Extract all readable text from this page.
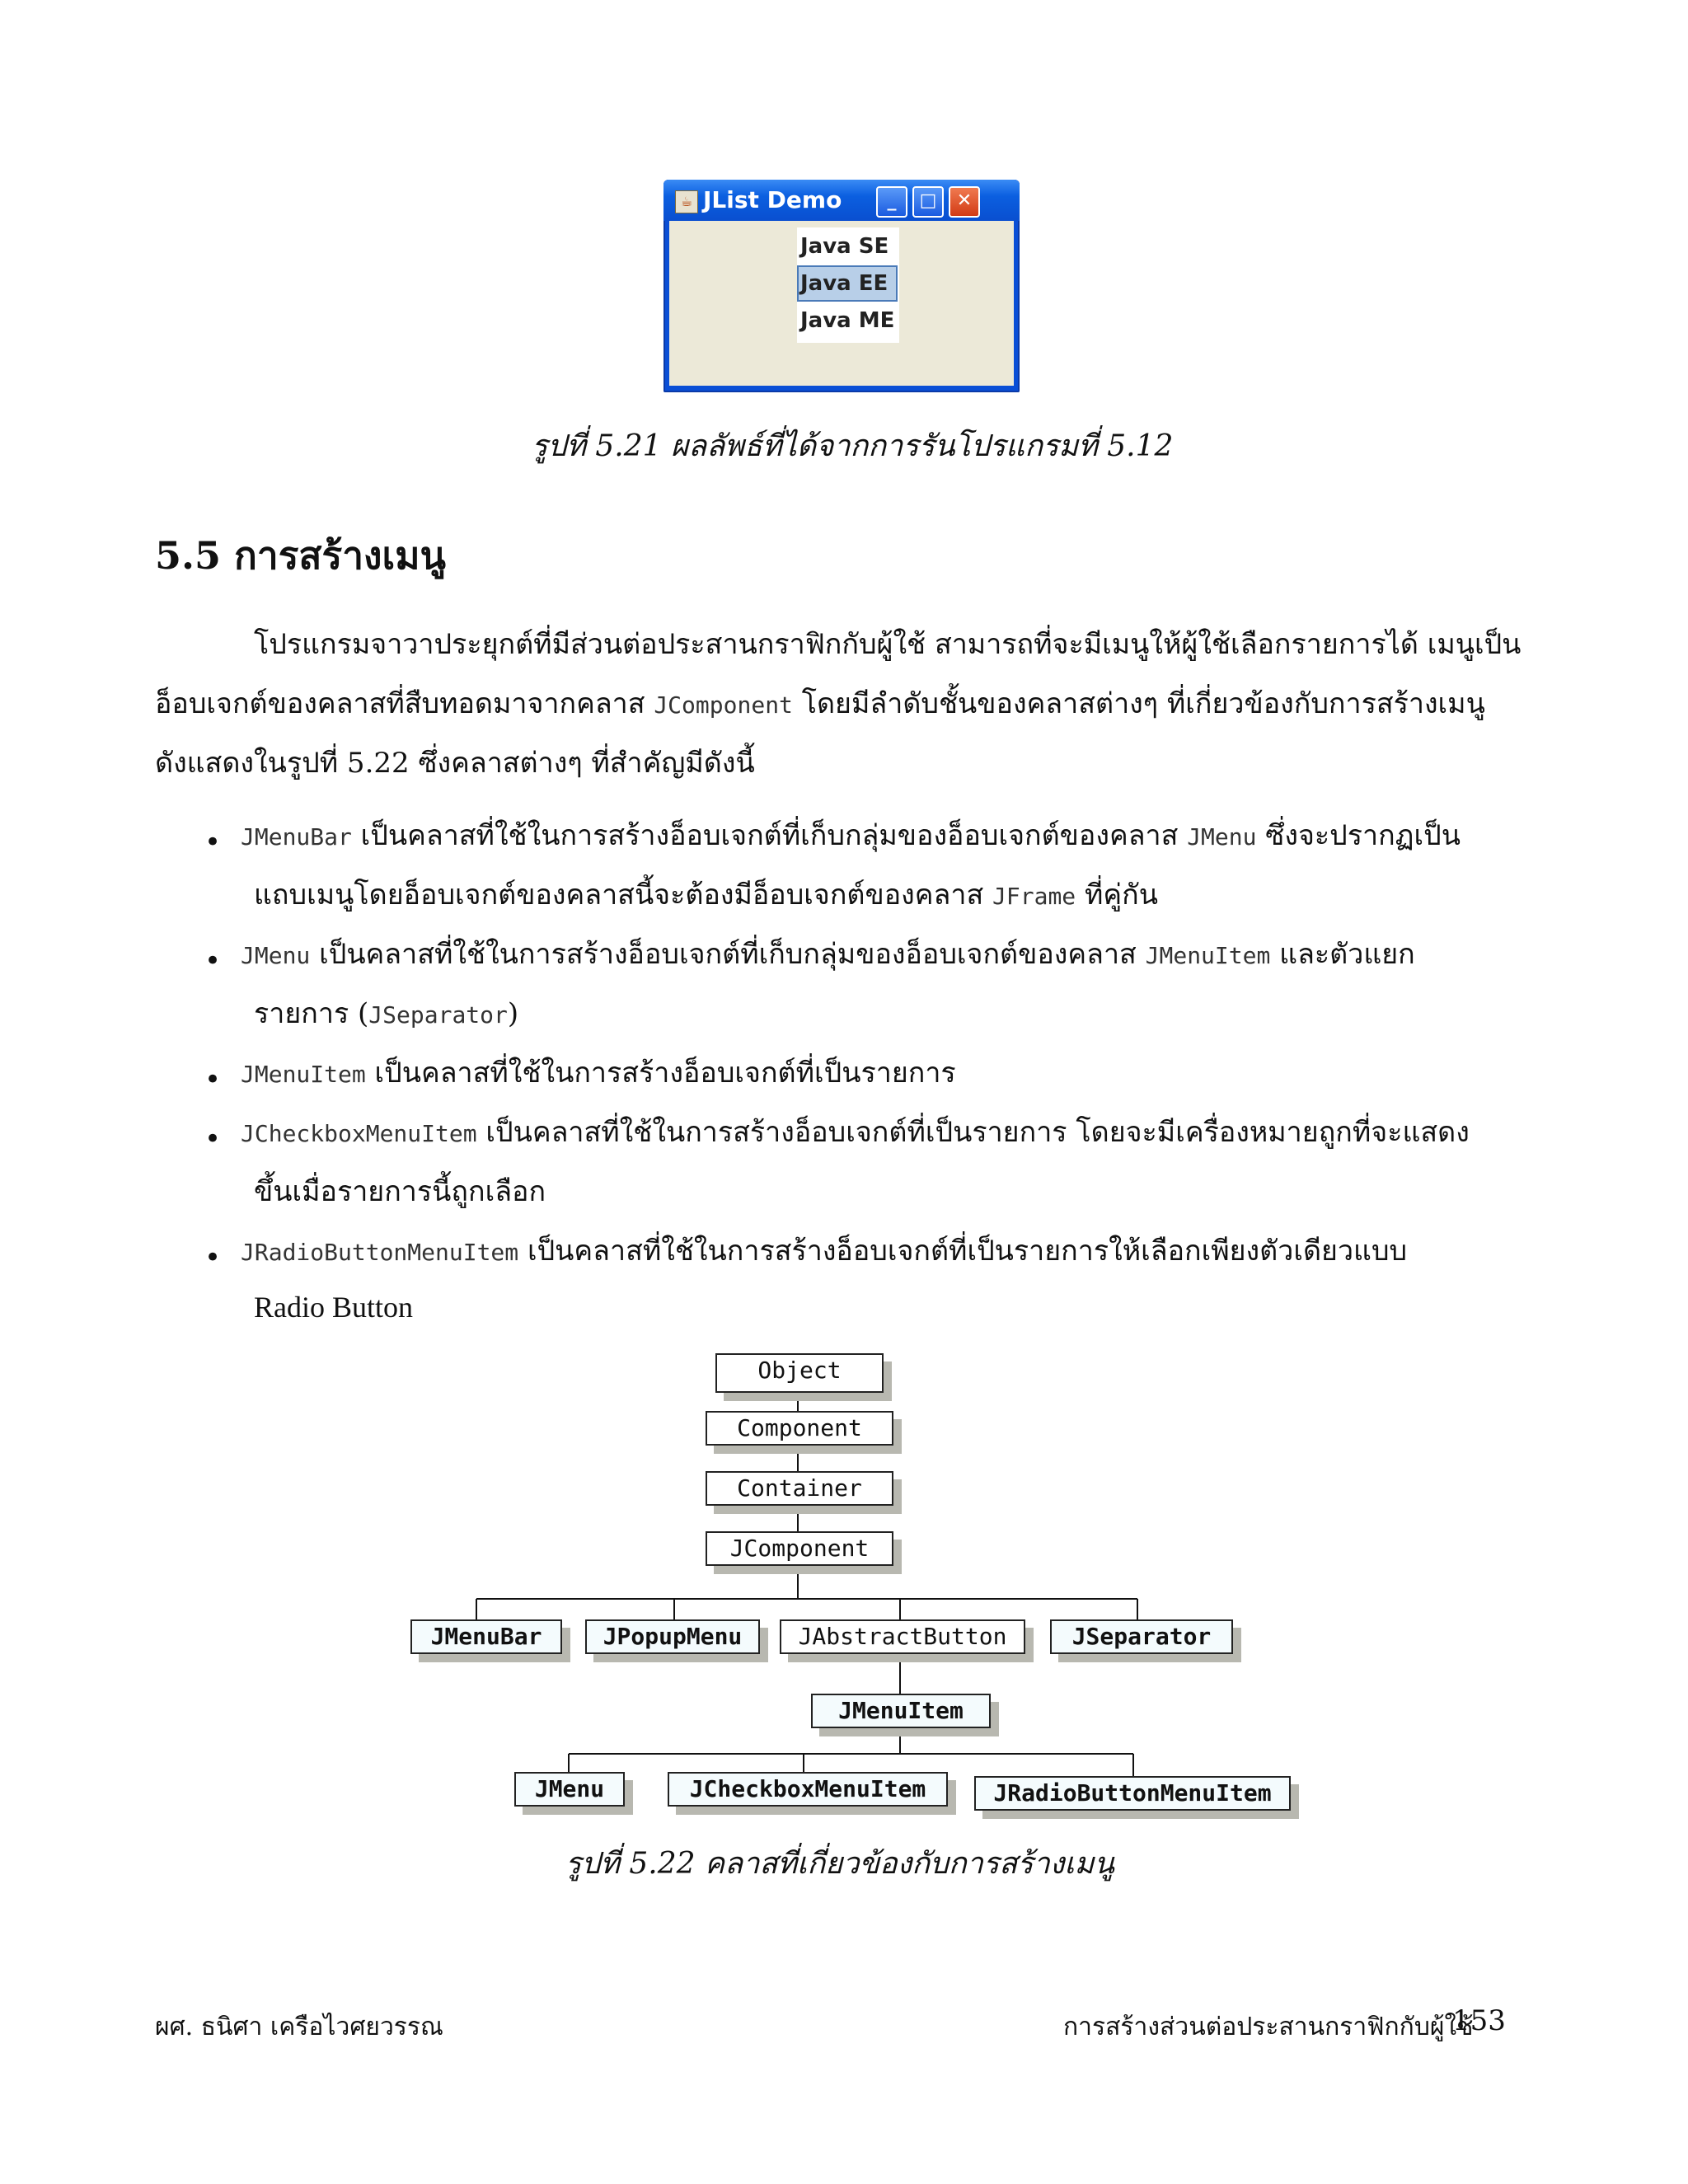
☕ JList Demo	_	□	✕
Java SE
Java EE
Java ME
รูปที่ 5.21 ผลลัพธ์ที่ได้จากการรันโปรแกรมที่ 5.12
5.5 การสร้างเมนู
โปรแกรมจาวาประยุกต์ที่มีส่วนต่อประสานกราฟิกกับผู้ใช้ สามารถที่จะมีเมนูให้ผู้ใช้เลือกรายการได้ เมนูเป็น
อ็อบเจกต์ของคลาสที่สืบทอดมาจากคลาส JComponent โดยมีลำดับชั้นของคลาสต่างๆ ที่เกี่ยวข้องกับการสร้างเมนู
ดังแสดงในรูปที่ 5.22 ซึ่งคลาสต่างๆ ที่สำคัญมีดังนี้
• JMenuBar เป็นคลาสที่ใช้ในการสร้างอ็อบเจกต์ที่เก็บกลุ่มของอ็อบเจกต์ของคลาส JMenu ซึ่งจะปรากฏเป็น
แถบเมนูโดยอ็อบเจกต์ของคลาสนี้จะต้องมีอ็อบเจกต์ของคลาส JFrame ที่คู่กัน
• JMenu เป็นคลาสที่ใช้ในการสร้างอ็อบเจกต์ที่เก็บกลุ่มของอ็อบเจกต์ของคลาส JMenuItem และตัวแยก
รายการ (JSeparator)
• JMenuItem เป็นคลาสที่ใช้ในการสร้างอ็อบเจกต์ที่เป็นรายการ
• JCheckboxMenuItem เป็นคลาสที่ใช้ในการสร้างอ็อบเจกต์ที่เป็นรายการ โดยจะมีเครื่องหมายถูกที่จะแสดง
ขึ้นเมื่อรายการนี้ถูกเลือก
• JRadioButtonMenuItem เป็นคลาสที่ใช้ในการสร้างอ็อบเจกต์ที่เป็นรายการให้เลือกเพียงตัวเดียวแบบ
Radio Button
Object
Component
Container
JComponent
JMenuBar	JPopupMenu	JAbstractButton	JSeparator
JMenuItem
JMenu	JCheckboxMenuItem	JRadioButtonMenuItem
รูปที่ 5.22 คลาสที่เกี่ยวข้องกับการสร้างเมนู
ผศ. ธนิศา เครือไวศยวรรณ	การสร้างส่วนต่อประสานกราฟิกกับผู้ใช้
153
